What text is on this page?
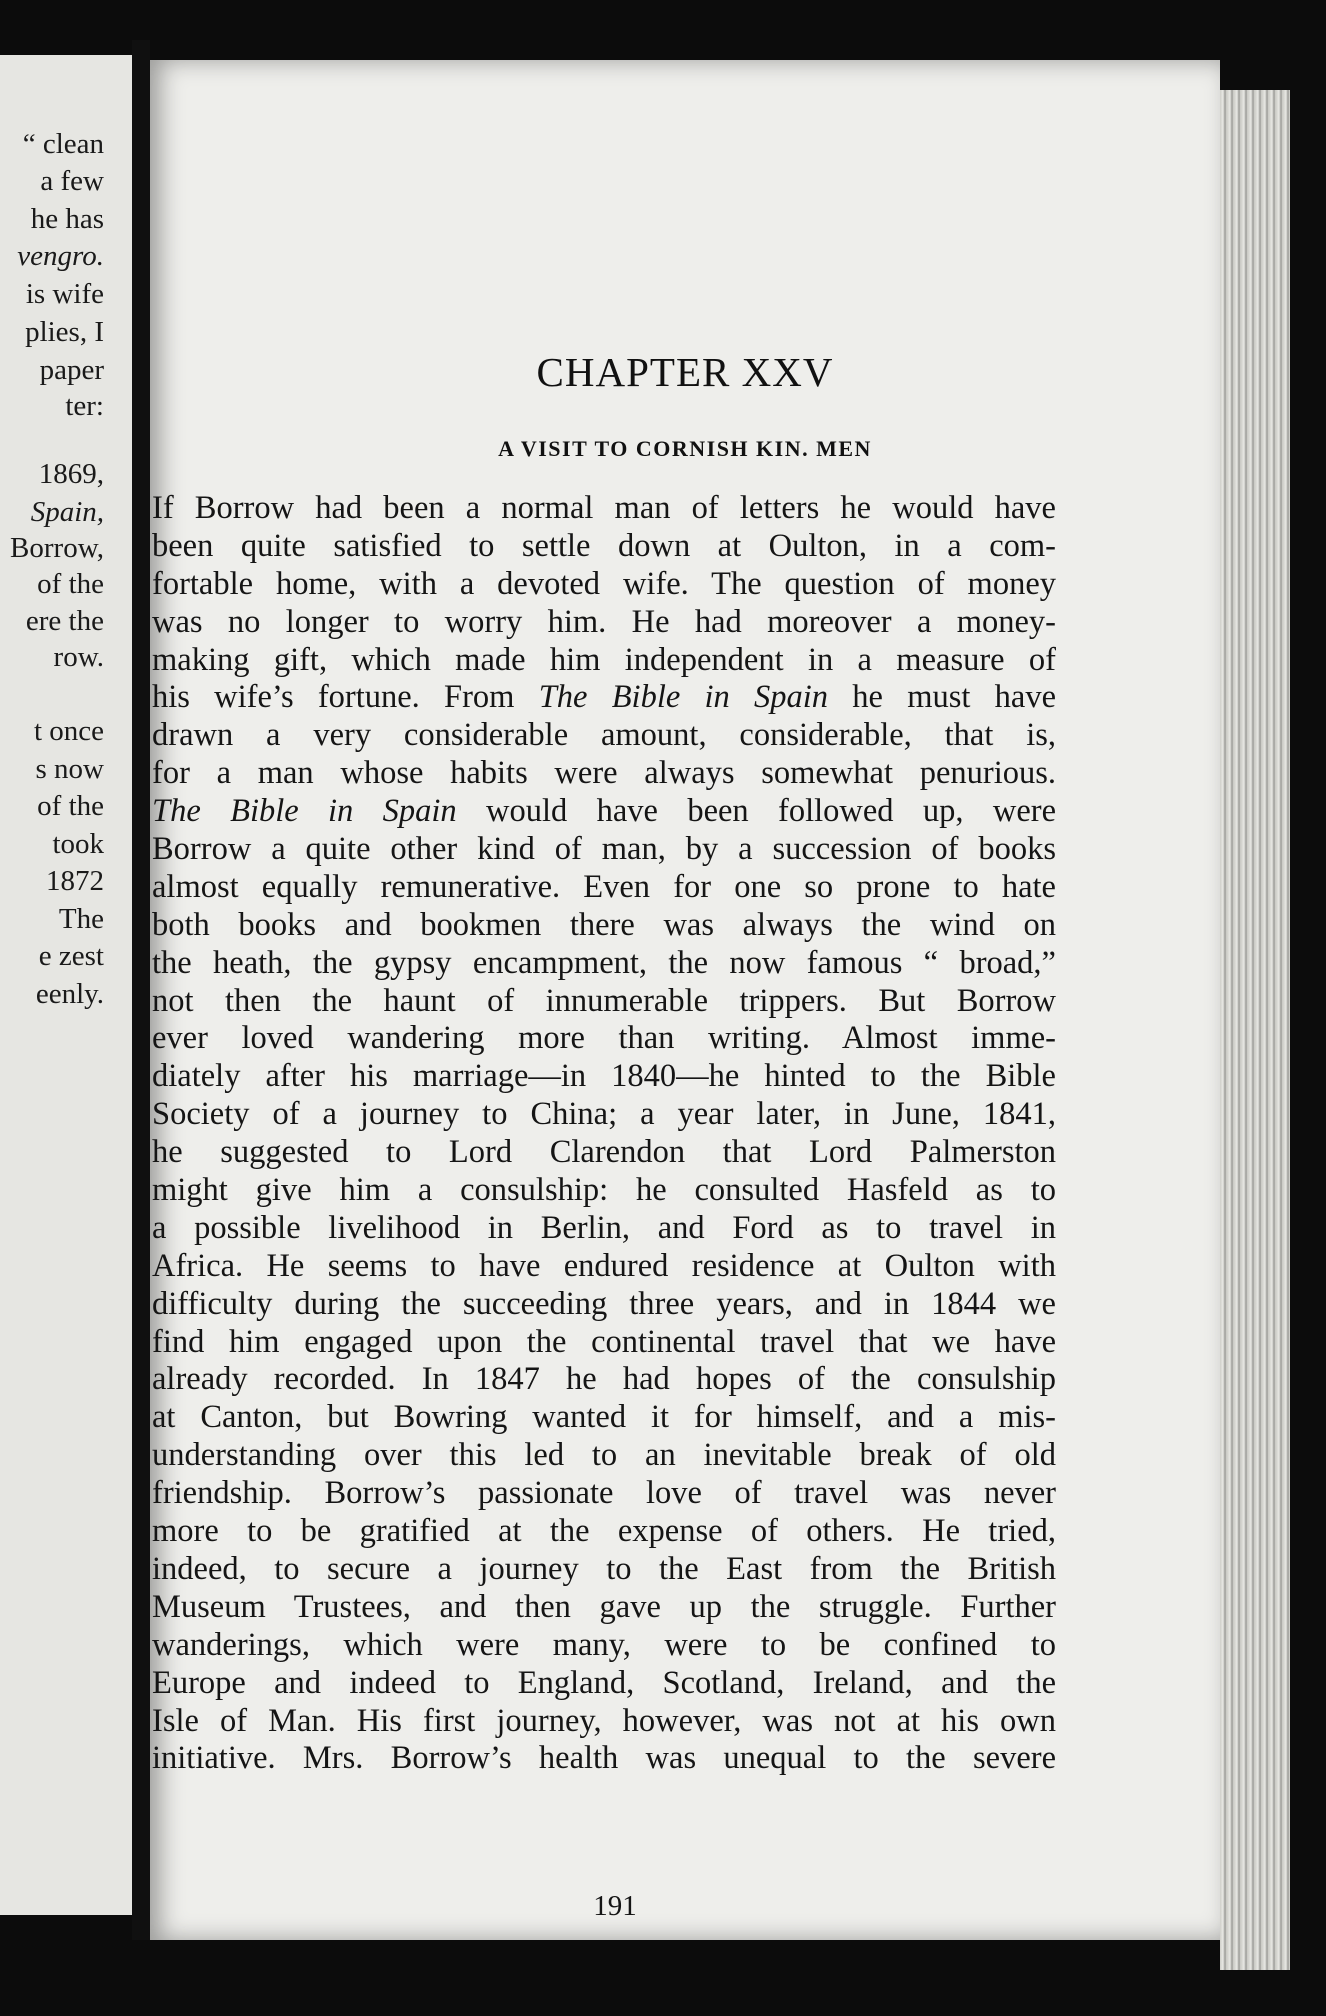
“ clean
a few
he has
vengro.
is wife
plies, I
paper
ter:
1869,
Spain,
Borrow,
of the
ere the
row.
t once
s now
of the
took
1872
The
e zest
eenly.
CHAPTER XXV
A VISIT TO CORNISH KIN. MEN
If Borrow had been a normal man of letters he would have
been quite satisfied to settle down at Oulton, in a com-
fortable home, with a devoted wife. The question of money
was no longer to worry him. He had moreover a money-
making gift, which made him independent in a measure of
his wife’s fortune. From The Bible in Spain he must have
drawn a very considerable amount, considerable, that is,
for a man whose habits were always somewhat penurious.
The Bible in Spain would have been followed up, were
Borrow a quite other kind of man, by a succession of books
almost equally remunerative. Even for one so prone to hate
both books and bookmen there was always the wind on
the heath, the gypsy encampment, the now famous “ broad,”
not then the haunt of innumerable trippers. But Borrow
ever loved wandering more than writing. Almost imme-
diately after his marriage—in 1840—he hinted to the Bible
Society of a journey to China; a year later, in June, 1841,
he suggested to Lord Clarendon that Lord Palmerston
might give him a consulship: he consulted Hasfeld as to
a possible livelihood in Berlin, and Ford as to travel in
Africa. He seems to have endured residence at Oulton with
difficulty during the succeeding three years, and in 1844 we
find him engaged upon the continental travel that we have
already recorded. In 1847 he had hopes of the consulship
at Canton, but Bowring wanted it for himself, and a mis-
understanding over this led to an inevitable break of old
friendship. Borrow’s passionate love of travel was never
more to be gratified at the expense of others. He tried,
indeed, to secure a journey to the East from the British
Museum Trustees, and then gave up the struggle. Further
wanderings, which were many, were to be confined to
Europe and indeed to England, Scotland, Ireland, and the
Isle of Man. His first journey, however, was not at his own
initiative. Mrs. Borrow’s health was unequal to the severe
191
